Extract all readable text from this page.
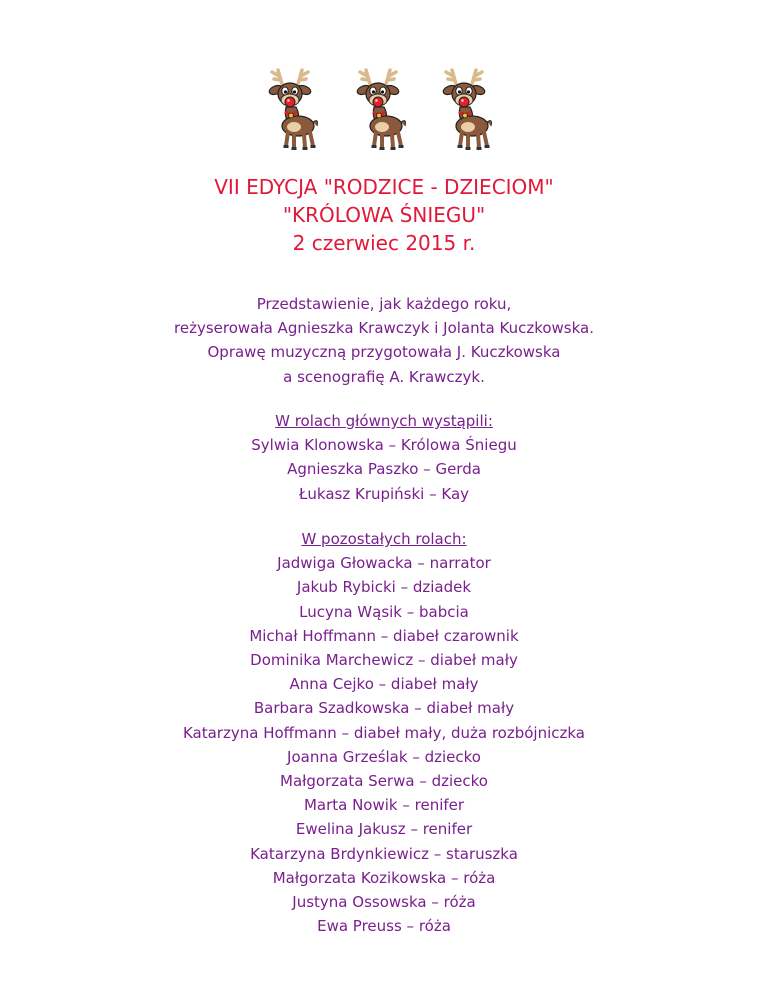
VII EDYCJA "RODZICE - DZIECIOM"
"KRÓLOWA ŚNIEGU"
2 czerwiec 2015 r.
Przedstawienie, jak każdego roku,
reżyserowała Agnieszka Krawczyk i Jolanta Kuczkowska.
Oprawę muzyczną przygotowała J. Kuczkowska
a scenografię A. Krawczyk.
W rolach głównych wystąpili:
Sylwia Klonowska – Królowa Śniegu
Agnieszka Paszko – Gerda
Łukasz Krupiński – Kay
W pozostałych rolach:
Jadwiga Głowacka – narrator
Jakub Rybicki – dziadek
Lucyna Wąsik – babcia
Michał Hoffmann – diabeł czarownik
Dominika Marchewicz – diabeł mały
Anna Cejko – diabeł mały
Barbara Szadkowska – diabeł mały
Katarzyna Hoffmann – diabeł mały, duża rozbójniczka
Joanna Grześlak – dziecko
Małgorzata Serwa – dziecko
Marta Nowik – renifer
Ewelina Jakusz – renifer
Katarzyna Brdynkiewicz – staruszka
Małgorzata Kozikowska – róża
Justyna Ossowska – róża
Ewa Preuss – róża
